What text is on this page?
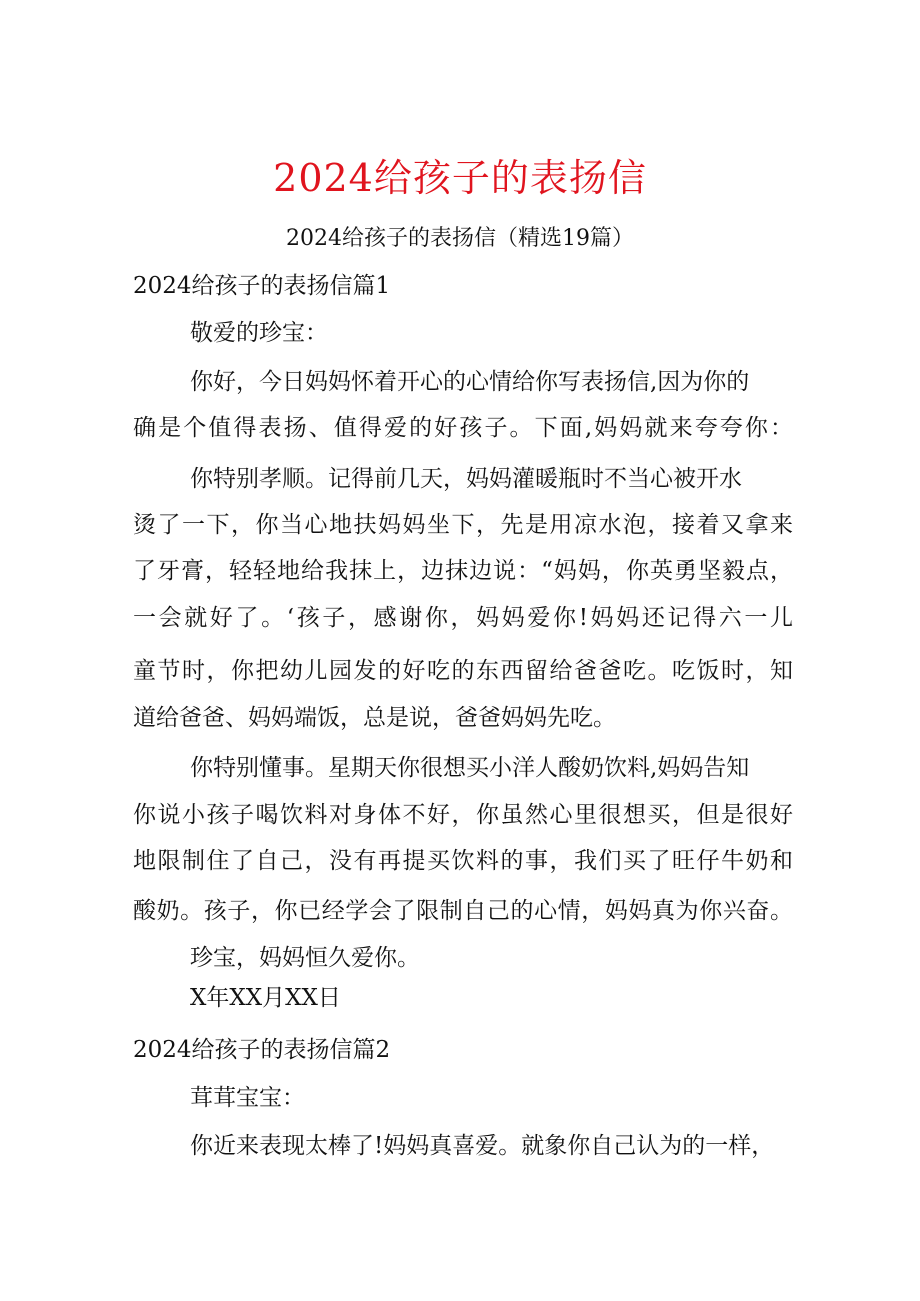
2024给孩子的表扬信
2024给孩子的表扬信（精选19篇）
2024给孩子的表扬信篇1
敬爱的珍宝：
你好，今日妈妈怀着开心的心情给你写表扬信,因为你的
确是个值得表扬、值得爱的好孩子。下面,妈妈就来夸夸你：
你特别孝顺。记得前几天，妈妈灌暖瓶时不当心被开水
烫了一下，你当心地扶妈妈坐下，先是用凉水泡，接着又拿来
了牙膏，轻轻地给我抹上，边抹边说：“妈妈，你英勇坚毅点，
一会就好了。‘孩子，感谢你，妈妈爱你!妈妈还记得六一儿
童节时，你把幼儿园发的好吃的东西留给爸爸吃。吃饭时，知
道给爸爸、妈妈端饭，总是说，爸爸妈妈先吃。
你特别懂事。星期天你很想买小洋人酸奶饮料,妈妈告知
你说小孩子喝饮料对身体不好，你虽然心里很想买，但是很好
地限制住了自己，没有再提买饮料的事，我们买了旺仔牛奶和
酸奶。孩子，你已经学会了限制自己的心情，妈妈真为你兴奋。
珍宝，妈妈恒久爱你。
X年XX月XX日
2024给孩子的表扬信篇2
茸茸宝宝：
你近来表现太棒了!妈妈真喜爱。就象你自己认为的一样，
